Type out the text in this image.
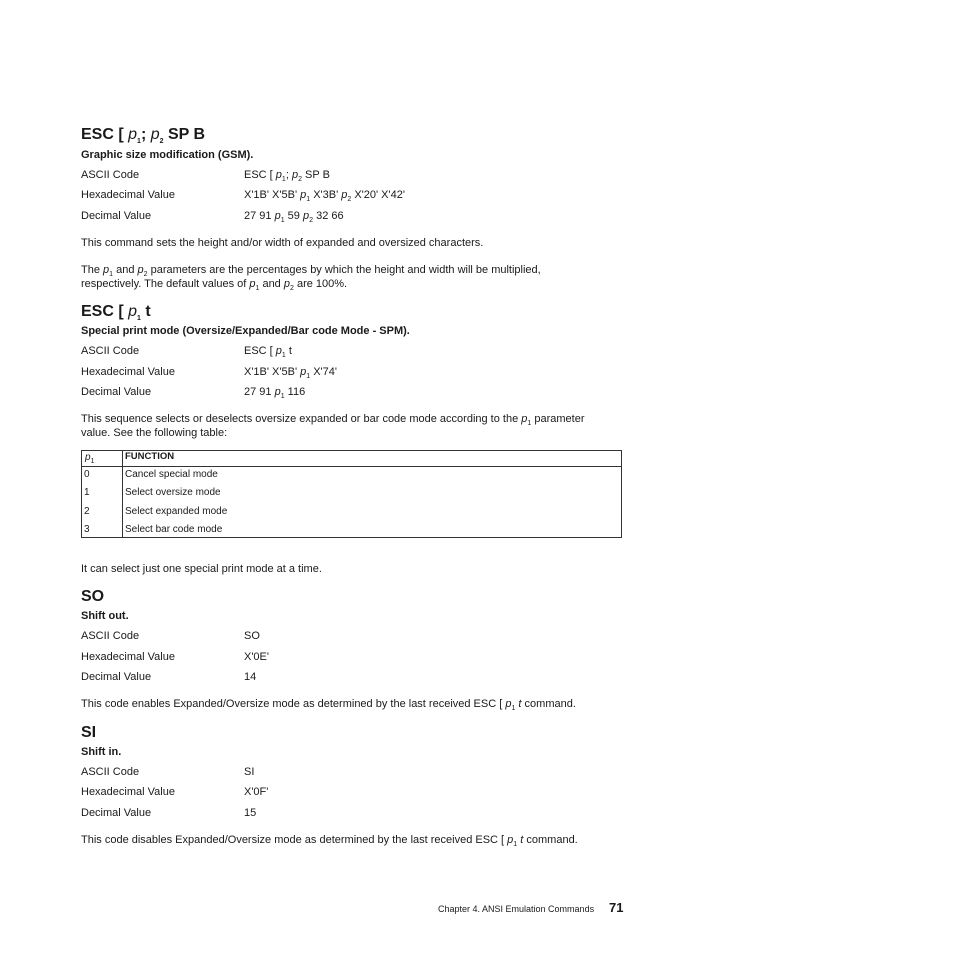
ESC [ $p_1$; $p_2$ SP B
Graphic size modification (GSM).
ASCII Code	ESC [ $p_1$; $p_2$ SP B
Hexadecimal Value	X'1B' X'5B' $p_1$ X'3B' $p_2$ X'20' X'42'
Decimal Value	27 91 $p_1$ 59 $p_2$ 32 66
This command sets the height and/or width of expanded and oversized characters.
The $p_1$ and $p_2$ parameters are the percentages by which the height and width will be multiplied,
respectively. The default values of $p_1$ and $p_2$ are 100%.
ESC [ $p_1$ t
Special print mode (Oversize/Expanded/Bar code Mode - SPM).
ASCII Code	ESC [ $p_1$ t
Hexadecimal Value	X'1B' X'5B' $p_1$ X'74'
Decimal Value	27 91 $p_1$ 116
This sequence selects or deselects oversize expanded or bar code mode according to the $p_1$ parameter
value. See the following table:
$p_1$	FUNCTION
0	Cancel special mode
1	Select oversize mode
2	Select expanded mode
3	Select bar code mode
It can select just one special print mode at a time.
SO
Shift out.
ASCII Code	SO
Hexadecimal Value	X'0E'
Decimal Value	14
This code enables Expanded/Oversize mode as determined by the last received ESC [ $p_1$ t command.
SI
Shift in.
ASCII Code	SI
Hexadecimal Value	X'0F'
Decimal Value	15
This code disables Expanded/Oversize mode as determined by the last received ESC [ $p_1$ t command.
Chapter 4. ANSI Emulation Commands 71
